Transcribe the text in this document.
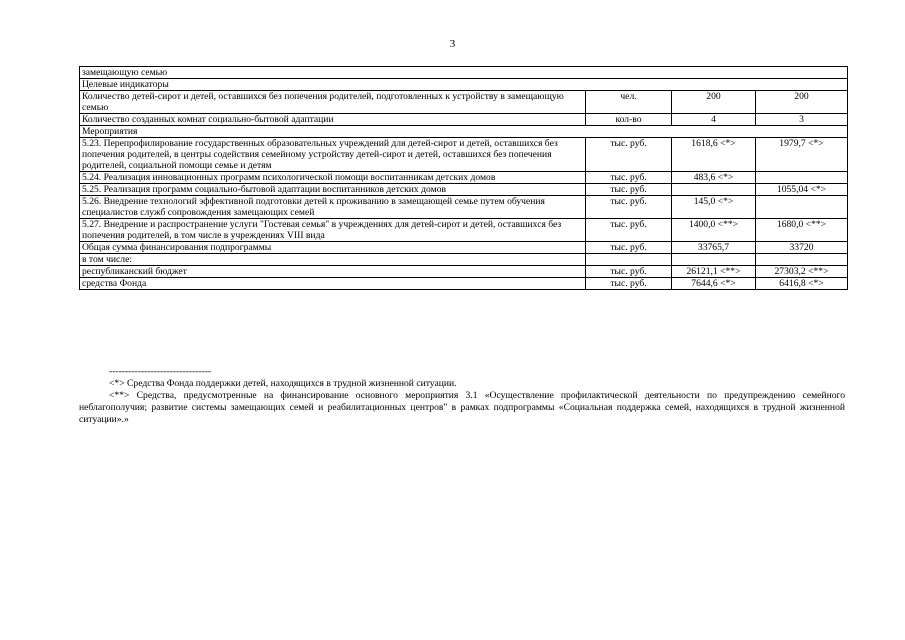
3
замещающую семью			
Целевые индикаторы			
Количество детей-сирот и детей, оставшихся без попечения родителей, подготовленных к устройству в замещающую семью	чел.	200	200
Количество созданных комнат социально-бытовой адаптации	кол-во	4	3
Мероприятия			
5.23. Перепрофилирование государственных образовательных учреждений для детей-сирот и детей, оставшихся без попечения родителей, в центры содействия семейному устройству детей-сирот и детей, оставшихся без попечения родителей, социальной помощи семье и детям	тыс. руб.	1618,6 <*>	1979,7 <*>
5.24. Реализация инновационных программ психологической помощи воспитанникам детских домов	тыс. руб.	483,6 <*>	
5.25. Реализация программ социально-бытовой адаптации воспитанников детских домов	тыс. руб.		1055,04 <*>
5.26. Внедрение технологий эффективной подготовки детей к проживанию в замещающей семье путем обучения специалистов служб сопровождения замещающих семей	тыс. руб.	145,0 <*>	
5.27. Внедрение и распространение услуги "Гостевая семья" в учреждениях для детей-сирот и детей, оставшихся без попечения родителей, в том числе в учреждениях VIII вида	тыс. руб.	1400,0 <**>	1680,0 <**>
Общая сумма финансирования подпрограммы	тыс. руб.	33765,7	33720
в том числе:			
республиканский бюджет	тыс. руб.	26121,1 <**>	27303,2 <**>
средства Фонда	тыс. руб.	7644,6 <*>	6416,8 <*>
--------------------------------
<*> Средства Фонда поддержки детей, находящихся в трудной жизненной ситуации.
<**> Средства, предусмотренные на финансирование основного мероприятия 3.1 «Осуществление профилактической деятельности по предупреждению семейного неблагополучия; развитие системы замещающих семей и реабилитационных центров" в рамках подпрограммы «Социальная поддержка семей, находящихся в трудной жизненной ситуации».»
